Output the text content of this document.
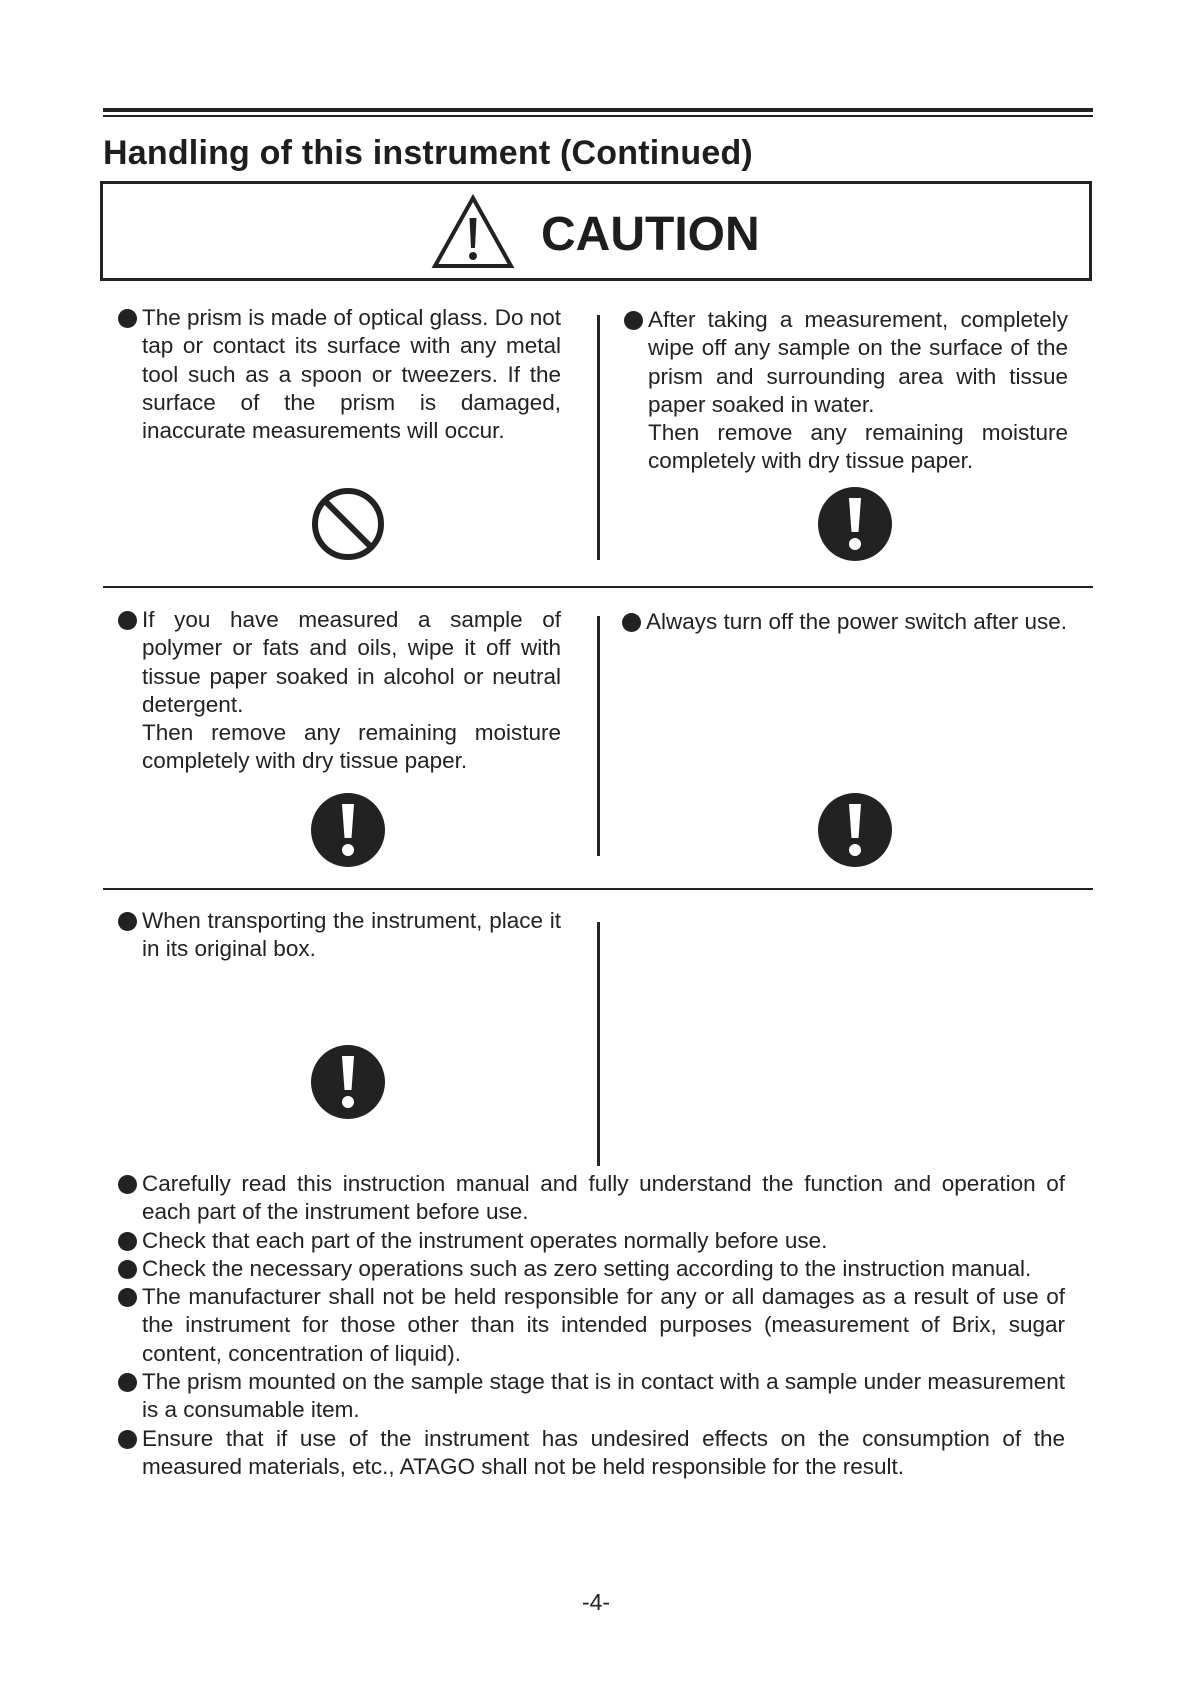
Handling of this instrument (Continued)
CAUTION

The prism is made of optical glass. Do not tap or contact its surface with any metal tool such as a spoon or tweezers. If the surface of the prism is damaged, inaccurate measurements will occur.

After taking a measurement, completely wipe off any sample on the surface of the prism and surrounding area with tissue paper soaked in water.

Then remove any remaining moisture completely with dry tissue paper.

If you have measured a sample of polymer or fats and oils, wipe it off with tissue paper soaked in alcohol or neutral detergent.

Then remove any remaining moisture completely with dry tissue paper.

Always turn off the power switch after use.

When transporting the instrument, place it in its original box.

Carefully read this instruction manual and fully understand the function and operation of each part of the instrument before use.

Check that each part of the instrument operates normally before use.

Check the necessary operations such as zero setting according to the instruction manual.

The manufacturer shall not be held responsible for any or all damages as a result of use of the instrument for those other than its intended purposes (measurement of Brix, sugar content, concentration of liquid).

The prism mounted on the sample stage that is in contact with a sample under measurement is a consumable item.

Ensure that if use of the instrument has undesired effects on the consumption of the measured materials, etc., ATAGO shall not be held responsible for the result.

-4-
